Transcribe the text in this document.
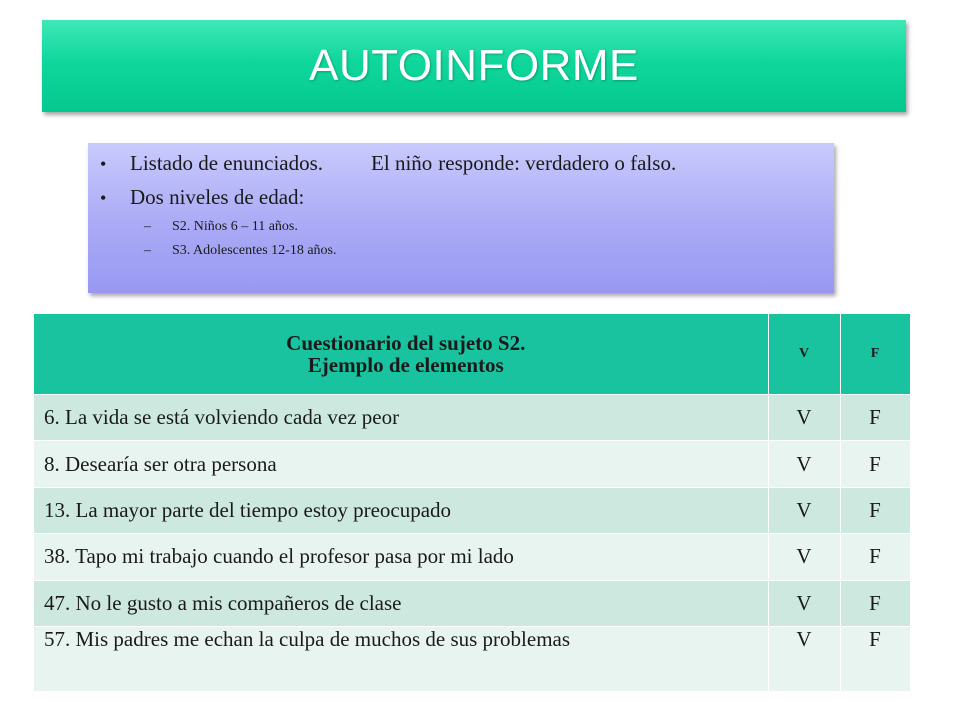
AUTOINFORME
•	Listado de enunciados. El niño responde: verdadero o falso.
•	Dos niveles de edad:
–	S2. Niños 6 – 11 años.
–	S3. Adolescentes 12-18 años.
Cuestionario del sujeto S2.
Ejemplo de elementos	V	F
6. La vida se está volviendo cada vez peor	V	F
8. Desearía ser otra persona	V	F
13. La mayor parte del tiempo estoy preocupado	V	F
38. Tapo mi trabajo cuando el profesor pasa por mi lado	V	F
47. No le gusto a mis compañeros de clase	V	F
57. Mis padres me echan la culpa de muchos de sus problemas	V	F
